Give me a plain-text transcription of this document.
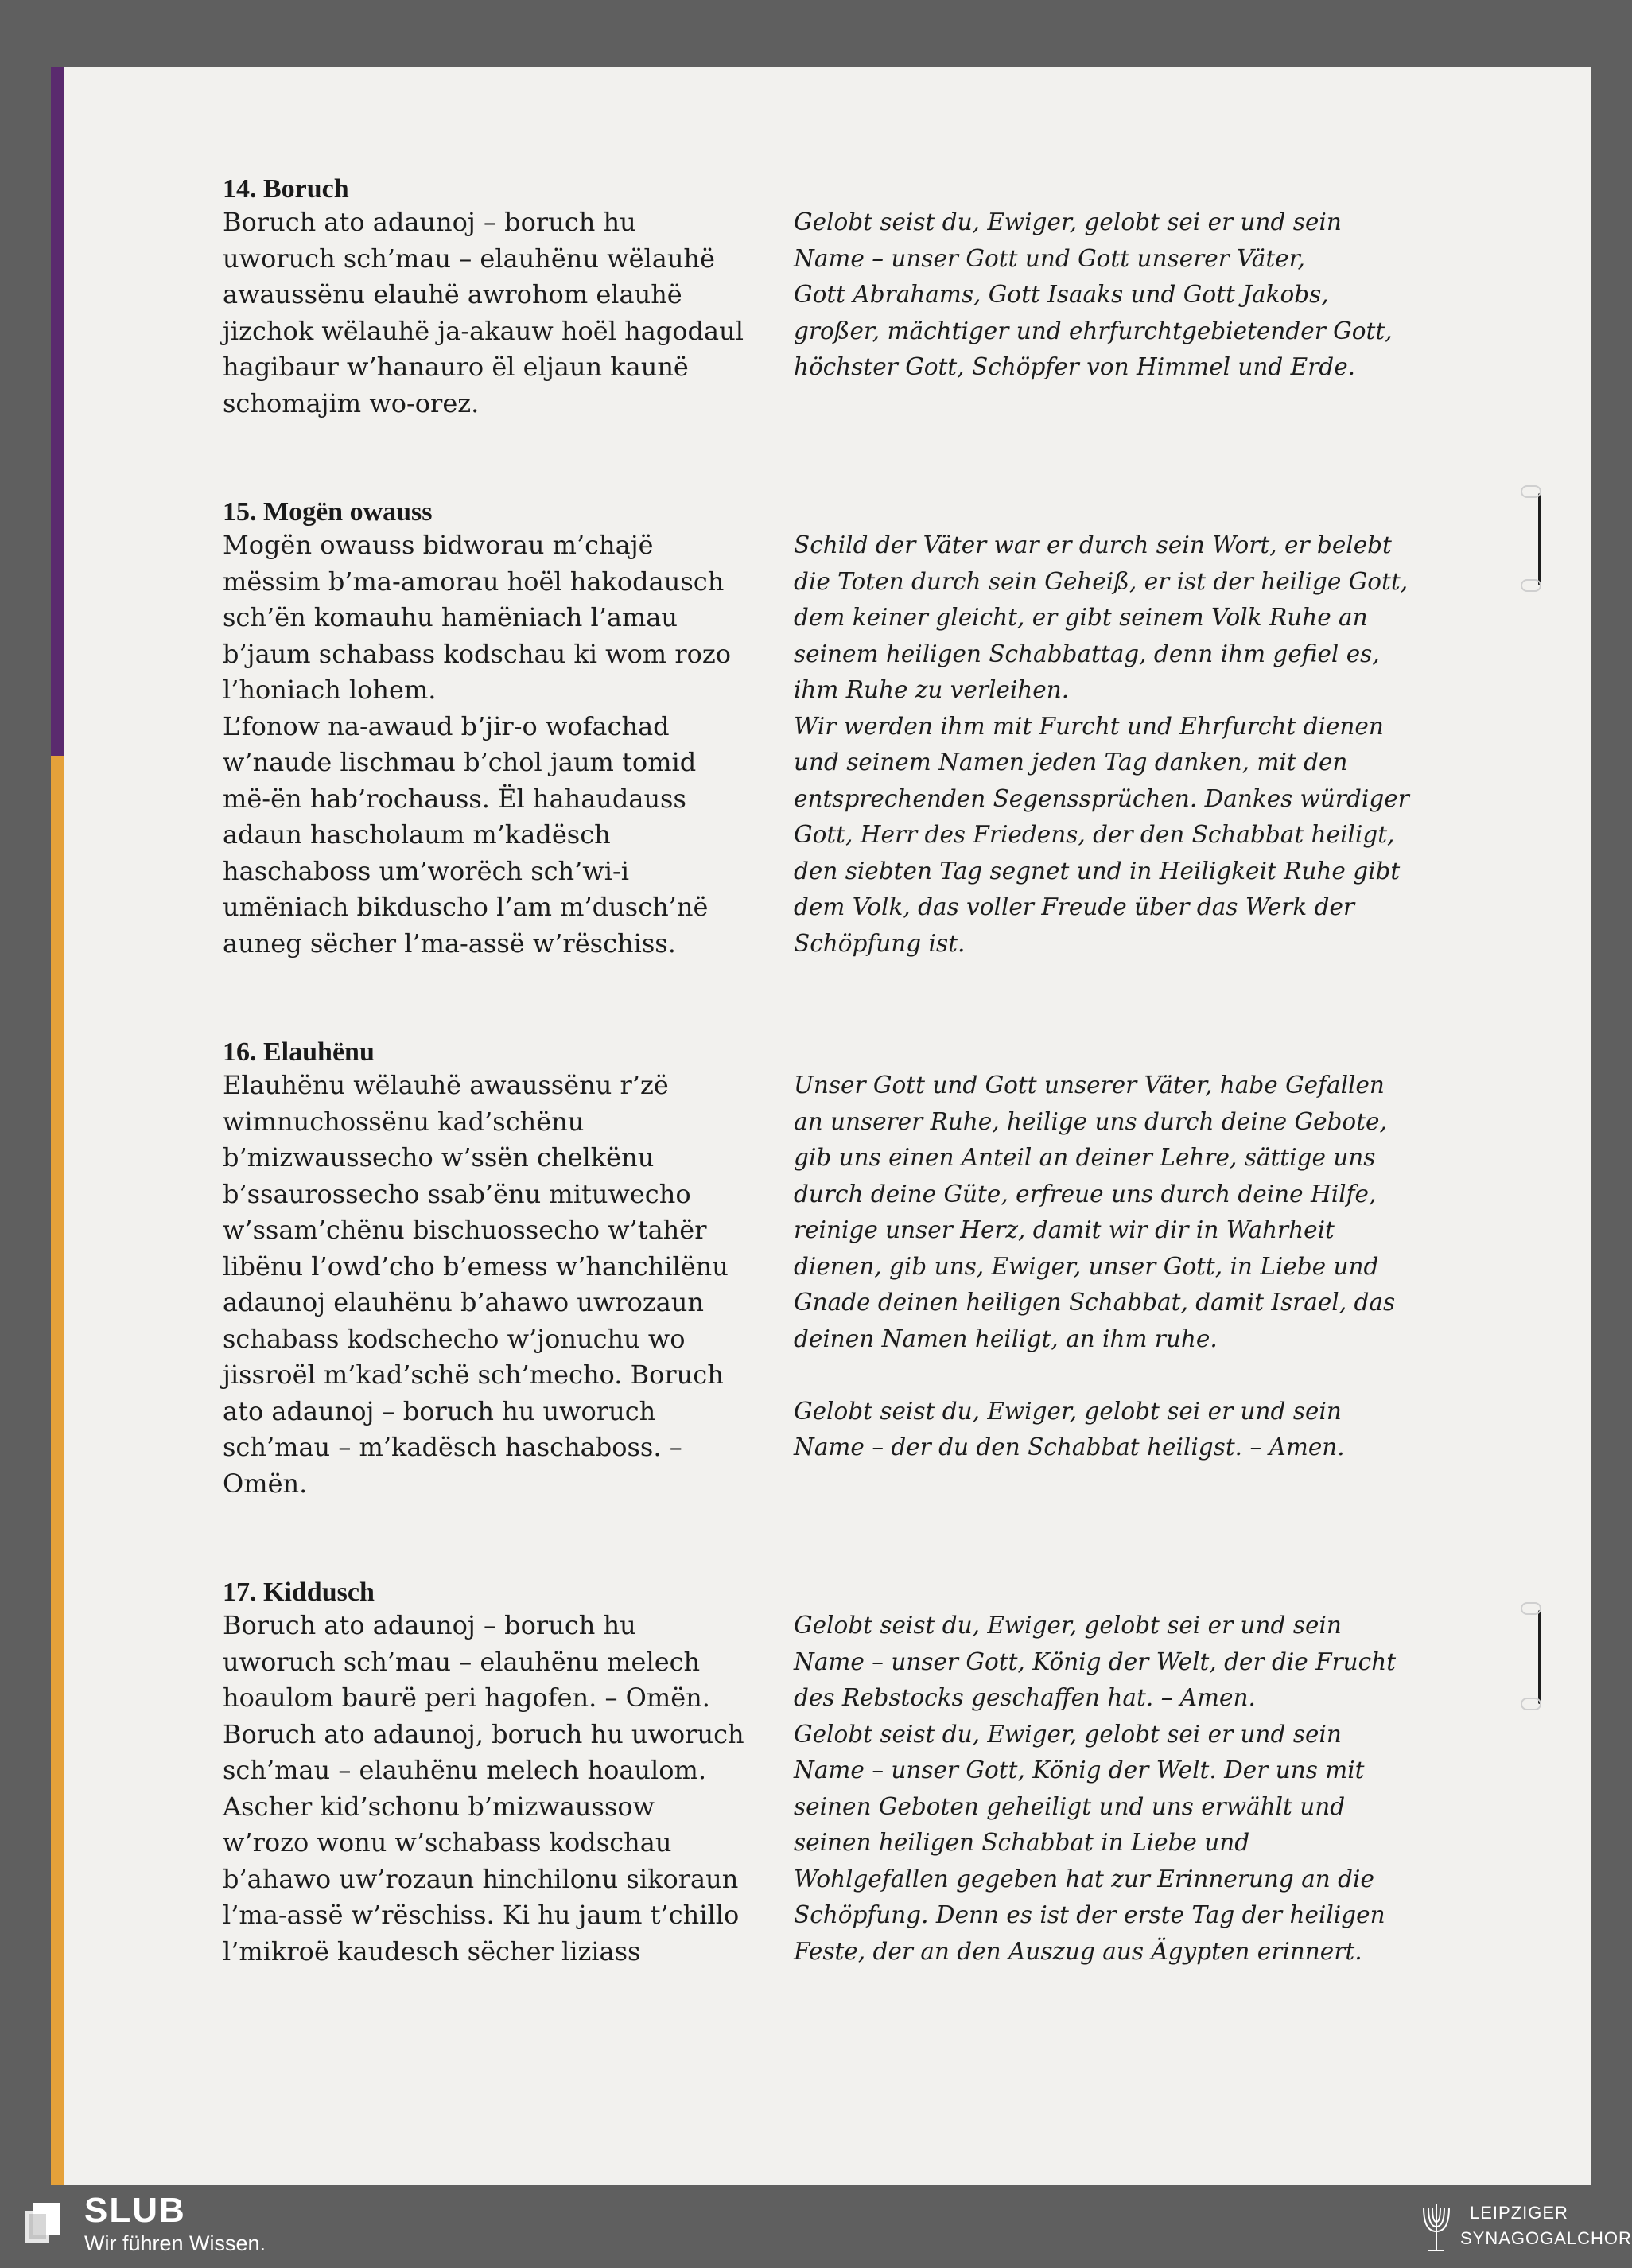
14. Boruch
Boruch ato adaunoj – boruch hu
uworuch sch’mau – elauhënu wëlauhë
awaussënu elauhë awrohom elauhë
jizchok wëlauhë ja-akauw hoël hagodaul
hagibaur w’hanauro ël eljaun kaunë
schomajim wo-orez.
Gelobt seist du, Ewiger, gelobt sei er und sein
Name – unser Gott und Gott unserer Väter,
Gott Abrahams, Gott Isaaks und Gott Jakobs,
großer, mächtiger und ehrfurchtgebietender Gott,
höchster Gott, Schöpfer von Himmel und Erde.
15. Mogën owauss
Mogën owauss bidworau m’chajë
mëssim b’ma-amorau hoël hakodausch
sch’ën komauhu hamëniach l’amau
b’jaum schabass kodschau ki wom rozo
l’honiach lohem.
L’fonow na-awaud b’jir-o wofachad
w’naude lischmau b’chol jaum tomid
më-ën hab’rochauss. Ël hahaudauss
adaun hascholaum m’kadësch
haschaboss um’worëch sch’wi-i
umëniach bikduscho l’am m’dusch’në
auneg sëcher l’ma-assë w’rëschiss.
Schild der Väter war er durch sein Wort, er belebt
die Toten durch sein Geheiß, er ist der heilige Gott,
dem keiner gleicht, er gibt seinem Volk Ruhe an
seinem heiligen Schabbattag, denn ihm gefiel es,
ihm Ruhe zu verleihen.
Wir werden ihm mit Furcht und Ehrfurcht dienen
und seinem Namen jeden Tag danken, mit den
entsprechenden Segenssprüchen. Dankes würdiger
Gott, Herr des Friedens, der den Schabbat heiligt,
den siebten Tag segnet und in Heiligkeit Ruhe gibt
dem Volk, das voller Freude über das Werk der
Schöpfung ist.
16. Elauhënu
Elauhënu wëlauhë awaussënu r’zë
wimnuchossënu kad’schënu
b’mizwaussecho w’ssën chelkënu
b’ssaurossecho ssab’ënu mituwecho
w’ssam’chënu bischuossecho w’tahër
libënu l’owd’cho b’emess w’hanchilënu
adaunoj elauhënu b’ahawo uwrozaun
schabass kodschecho w’jonuchu wo
jissroël m’kad’schë sch’mecho. Boruch
ato adaunoj – boruch hu uworuch
sch’mau – m’kadësch haschaboss. –
Omën.
Unser Gott und Gott unserer Väter, habe Gefallen
an unserer Ruhe, heilige uns durch deine Gebote,
gib uns einen Anteil an deiner Lehre, sättige uns
durch deine Güte, erfreue uns durch deine Hilfe,
reinige unser Herz, damit wir dir in Wahrheit
dienen, gib uns, Ewiger, unser Gott, in Liebe und
Gnade deinen heiligen Schabbat, damit Israel, das
deinen Namen heiligt, an ihm ruhe.
Gelobt seist du, Ewiger, gelobt sei er und sein
Name – der du den Schabbat heiligst. – Amen.
17. Kiddusch
Boruch ato adaunoj – boruch hu
uworuch sch’mau – elauhënu melech
hoaulom baurë peri hagofen. – Omën.
Boruch ato adaunoj, boruch hu uworuch
sch’mau – elauhënu melech hoaulom.
Ascher kid’schonu b’mizwaussow
w’rozo wonu w’schabass kodschau
b’ahawo uw’rozaun hinchilonu sikoraun
l’ma-assë w’rëschiss. Ki hu jaum t’chillo
l’mikroë kaudesch sëcher liziass
Gelobt seist du, Ewiger, gelobt sei er und sein
Name – unser Gott, König der Welt, der die Frucht
des Rebstocks geschaffen hat. – Amen.
Gelobt seist du, Ewiger, gelobt sei er und sein
Name – unser Gott, König der Welt. Der uns mit
seinen Geboten geheiligt und uns erwählt und
seinen heiligen Schabbat in Liebe und
Wohlgefallen gegeben hat zur Erinnerung an die
Schöpfung. Denn es ist der erste Tag der heiligen
Feste, der an den Auszug aus Ägypten erinnert.
SLUB
Wir führen Wissen.
LEIPZIGER
SYNAGOGALCHOR
